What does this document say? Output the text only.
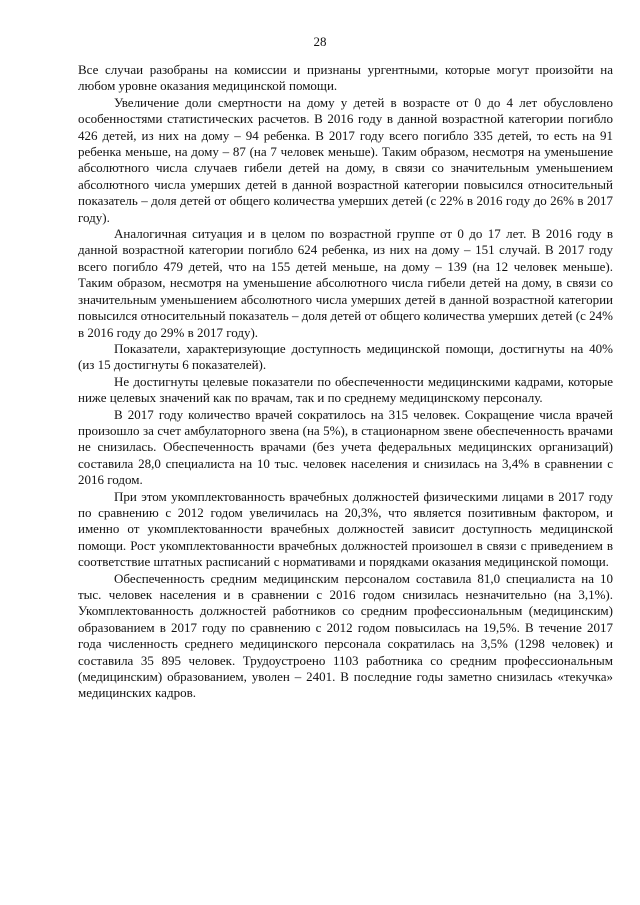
28

Все случаи разобраны на комиссии и признаны ургентными, которые могут произойти на любом уровне оказания медицинской помощи.

Увеличение доли смертности на дому у детей в возрасте от 0 до 4 лет обусловлено особенностями статистических расчетов. В 2016 году в данной возрастной категории погибло 426 детей, из них на дому – 94 ребенка. В 2017 году всего погибло 335 детей, то есть на 91 ребенка меньше, на дому – 87 (на 7 человек меньше). Таким образом, несмотря на уменьшение абсолютного числа случаев гибели детей на дому, в связи со значительным уменьшением абсолютного числа умерших детей в данной возрастной категории повысился относительный показатель – доля детей от общего количества умерших детей (с 22% в 2016 году до 26% в 2017 году).

Аналогичная ситуация и в целом по возрастной группе от 0 до 17 лет. В 2016 году в данной возрастной категории погибло 624 ребенка, из них на дому – 151 случай. В 2017 году всего погибло 479 детей, что на 155 детей меньше, на дому – 139 (на 12 человек меньше). Таким образом, несмотря на уменьшение абсолютного числа гибели детей на дому, в связи со значительным уменьшением абсолютного числа умерших детей в данной возрастной категории повысился относительный показатель – доля детей от общего количества умерших детей (с 24% в 2016 году до 29% в 2017 году).

Показатели, характеризующие доступность медицинской помощи, достигнуты на 40% (из 15 достигнуты 6 показателей).

Не достигнуты целевые показатели по обеспеченности медицинскими кадрами, которые ниже целевых значений как по врачам, так и по среднему медицинскому персоналу.

В 2017 году количество врачей сократилось на 315 человек. Сокращение числа врачей произошло за счет амбулаторного звена (на 5%), в стационарном звене обеспеченность врачами не снизилась. Обеспеченность врачами (без учета федеральных медицинских организаций) составила 28,0 специалиста на 10 тыс. человек населения и снизилась на 3,4% в сравнении с 2016 годом.

При этом укомплектованность врачебных должностей физическими лицами в 2017 году по сравнению с 2012 годом увеличилась на 20,3%, что является позитивным фактором, и именно от укомплектованности врачебных должностей зависит доступность медицинской помощи. Рост укомплектованности врачебных должностей произошел в связи с приведением в соответствие штатных расписаний с нормативами и порядками оказания медицинской помощи.

Обеспеченность средним медицинским персоналом составила 81,0 специалиста на 10 тыс. человек населения и в сравнении с 2016 годом снизилась незначительно (на 3,1%). Укомплектованность должностей работников со средним профессиональным (медицинским) образованием в 2017 году по сравнению с 2012 годом повысилась на 19,5%. В течение 2017 года численность среднего медицинского персонала сократилась на 3,5% (1298 человек) и составила 35 895 человек. Трудоустроено 1103 работника со средним профессиональным (медицинским) образованием, уволен – 2401. В последние годы заметно снизилась «текучка» медицинских кадров.
